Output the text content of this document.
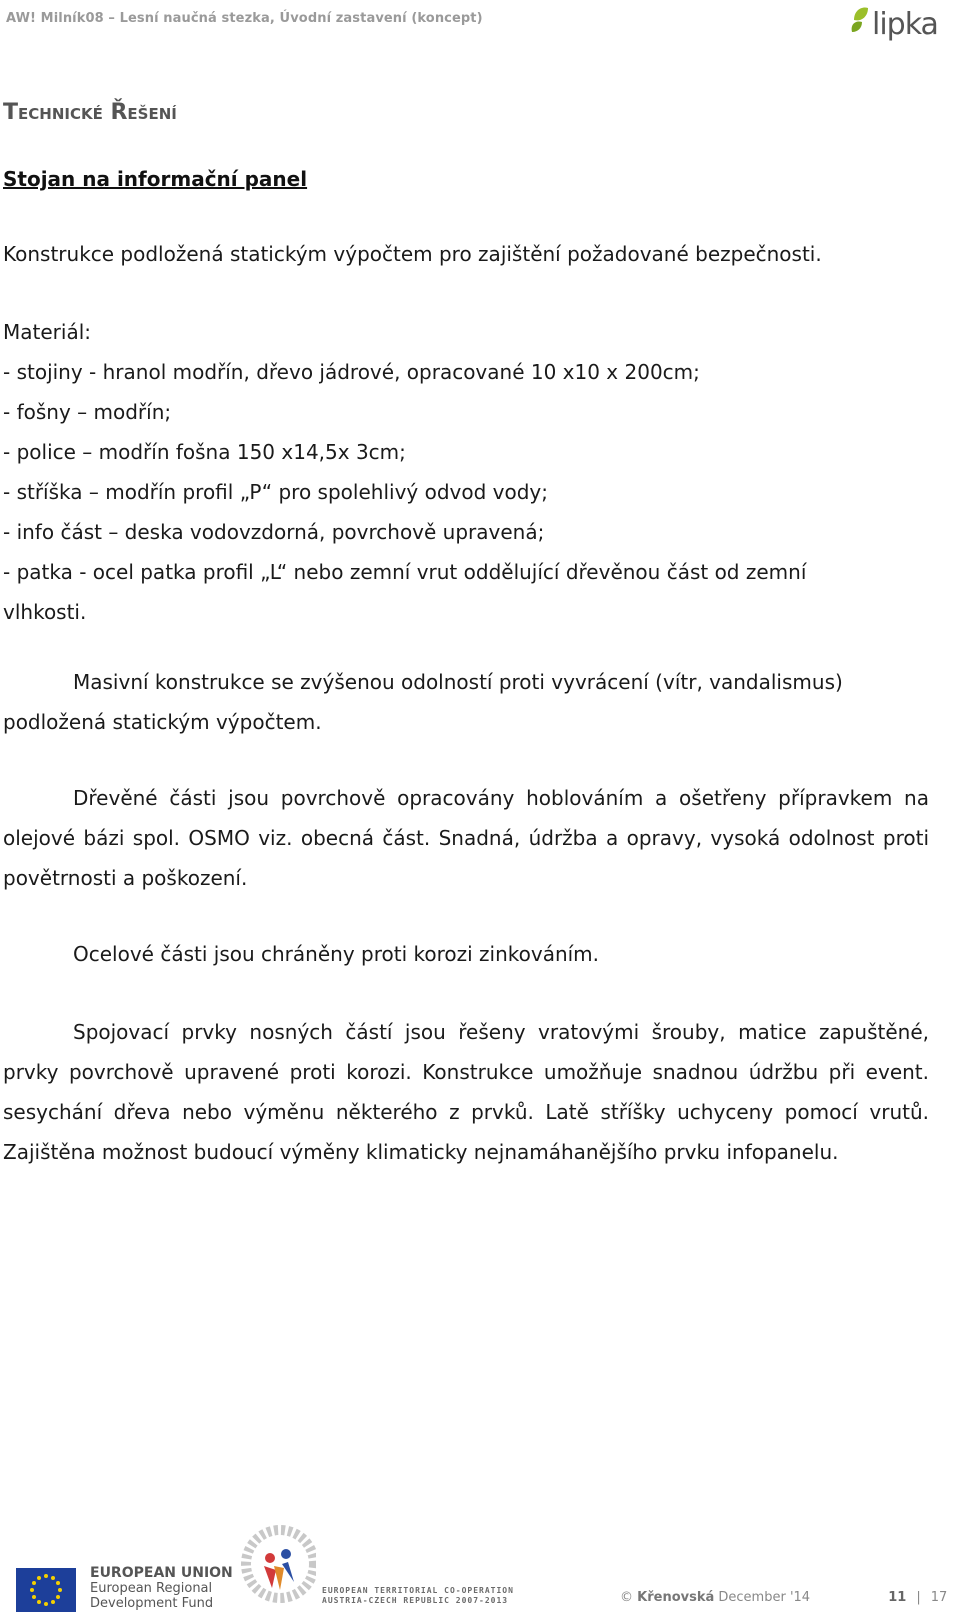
AW! Milník08 – Lesní naučná stezka, Úvodní zastavení (koncept)	lipka
Technické Řešení
Stojan na informační panel
Konstrukce podložená statickým výpočtem pro zajištění požadované bezpečnosti.
Materiál:
- stojiny - hranol modřín, dřevo jádrové, opracované 10 x10 x 200cm;
- fošny – modřín;
- police – modřín fošna 150 x14,5x 3cm;
- stříška – modřín profil „P“ pro spolehlivý odvod vody;
- info část – deska vodovzdorná, povrchově upravená;
- patka - ocel patka profil „L“ nebo zemní vrut oddělující dřevěnou část od zemní vlhkosti.
Masivní konstrukce se zvýšenou odolností proti vyvrácení (vítr, vandalismus) podložená statickým výpočtem.
Dřevěné části jsou povrchově opracovány hoblováním a ošetřeny přípravkem na olejové bázi spol. OSMO viz. obecná část. Snadná, údržba a opravy, vysoká odolnost proti povětrnosti a poškození.
Ocelové části jsou chráněny proti korozi zinkováním.
Spojovací prvky nosných částí jsou řešeny vratovými šrouby, matice zapuštěné, prvky povrchově upravené proti korozi. Konstrukce umožňuje snadnou údržbu při event. sesychání dřeva nebo výměnu některého z prvků. Latě stříšky uchyceny pomocí vrutů. Zajištěna možnost budoucí výměny klimaticky nejnamáhanějšího prvku infopanelu.
EUROPEAN UNION
European Regional
Development Fund
EUROPEAN TERRITORIAL CO-OPERATION
AUSTRIA-CZECH REPUBLIC 2007-2013	© Křenovská December '14	11 | 17
